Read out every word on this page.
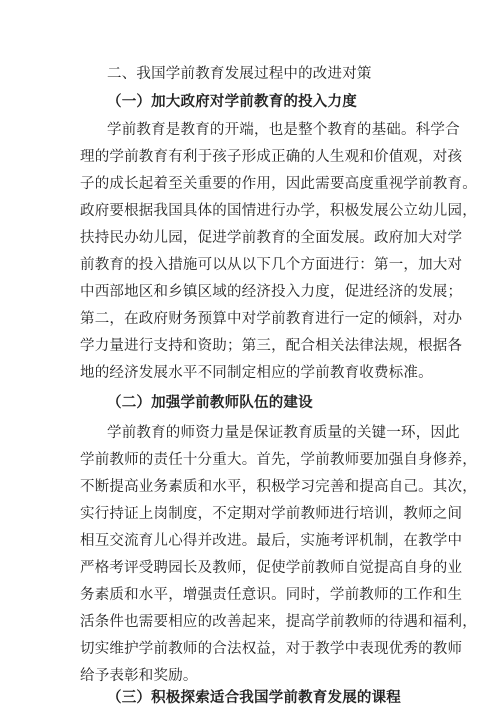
二、我国学前教育发展过程中的改进对策
（一）加大政府对学前教育的投入力度
学前教育是教育的开端，也是整个教育的基础。科学合
理的学前教育有利于孩子形成正确的人生观和价值观，对孩
子的成长起着至关重要的作用，因此需要高度重视学前教育。
政府要根据我国具体的国情进行办学，积极发展公立幼儿园，
扶持民办幼儿园，促进学前教育的全面发展。政府加大对学
前教育的投入措施可以从以下几个方面进行：第一，加大对
中西部地区和乡镇区域的经济投入力度，促进经济的发展；
第二，在政府财务预算中对学前教育进行一定的倾斜，对办
学力量进行支持和资助；第三，配合相关法律法规，根据各
地的经济发展水平不同制定相应的学前教育收费标准。
（二）加强学前教师队伍的建设
学前教育的师资力量是保证教育质量的关键一环，因此
学前教师的责任十分重大。首先，学前教师要加强自身修养，
不断提高业务素质和水平，积极学习完善和提高自己。其次，
实行持证上岗制度，不定期对学前教师进行培训，教师之间
相互交流育儿心得并改进。最后，实施考评机制，在教学中
严格考评受聘园长及教师，促使学前教师自觉提高自身的业
务素质和水平，增强责任意识。同时，学前教师的工作和生
活条件也需要相应的改善起来，提高学前教师的待遇和福利，
切实维护学前教师的合法权益，对于教学中表现优秀的教师
给予表彰和奖励。
（三）积极探索适合我国学前教育发展的课程
